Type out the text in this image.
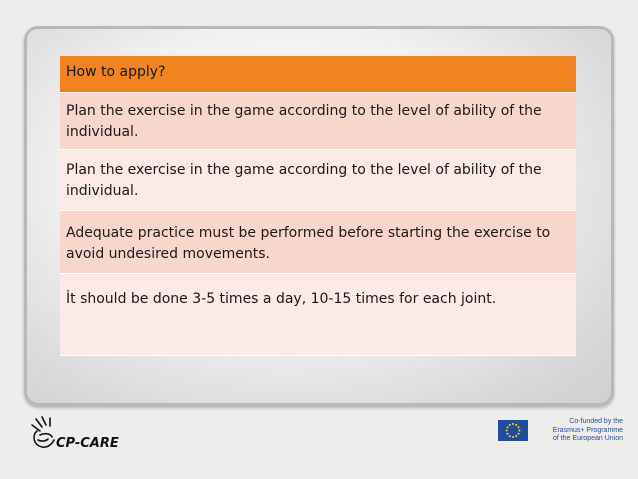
How to apply?
Plan the exercise in the game according to the level of ability of the individual.
Plan the exercise in the game according to the level of ability of the individual.
Adequate practice must be performed before starting the exercise to avoid undesired movements.
İt should be done 3-5 times a day, 10-15 times for each joint.
CP-CARE
Co-funded by the
Erasmus+ Programme
of the European Union
